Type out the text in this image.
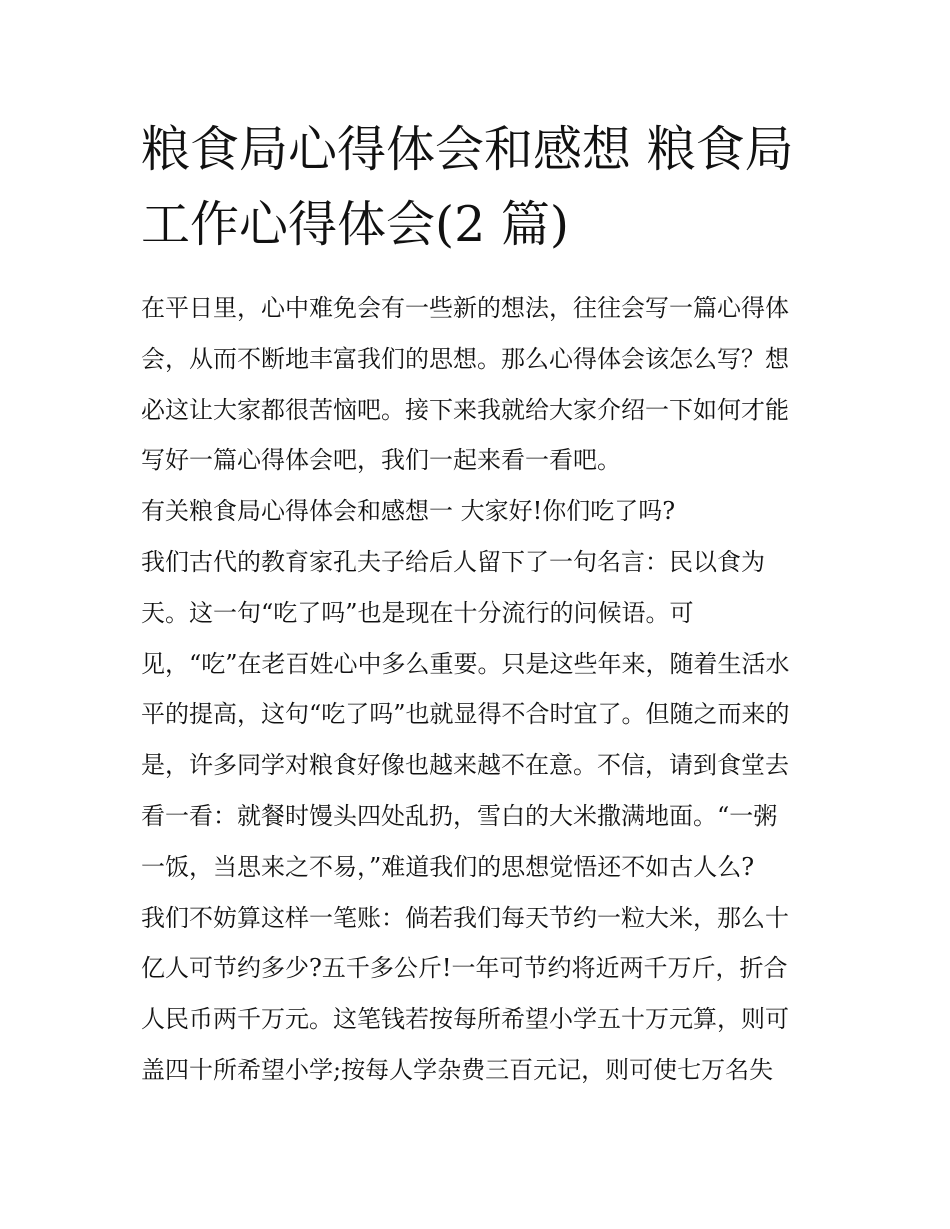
粮食局心得体会和感想 粮食局
工作心得体会(2 篇)
在平日里，心中难免会有一些新的想法，往往会写一篇心得体
会，从而不断地丰富我们的思想。那么心得体会该怎么写？想
必这让大家都很苦恼吧。接下来我就给大家介绍一下如何才能
写好一篇心得体会吧，我们一起来看一看吧。
有关粮食局心得体会和感想一 大家好!你们吃了吗?
我们古代的教育家孔夫子给后人留下了一句名言：民以食为
天。这一句“吃了吗”也是现在十分流行的问候语。可
见，“吃”在老百姓心中多么重要。只是这些年来，随着生活水
平的提高，这句“吃了吗”也就显得不合时宜了。但随之而来的
是，许多同学对粮食好像也越来越不在意。不信，请到食堂去
看一看：就餐时馒头四处乱扔，雪白的大米撒满地面。“一粥
一饭，当思来之不易，”难道我们的思想觉悟还不如古人么?
我们不妨算这样一笔账：倘若我们每天节约一粒大米，那么十
亿人可节约多少?五千多公斤!一年可节约将近两千万斤，折合
人民币两千万元。这笔钱若按每所希望小学五十万元算，则可
盖四十所希望小学;按每人学杂费三百元记，则可使七万名失
